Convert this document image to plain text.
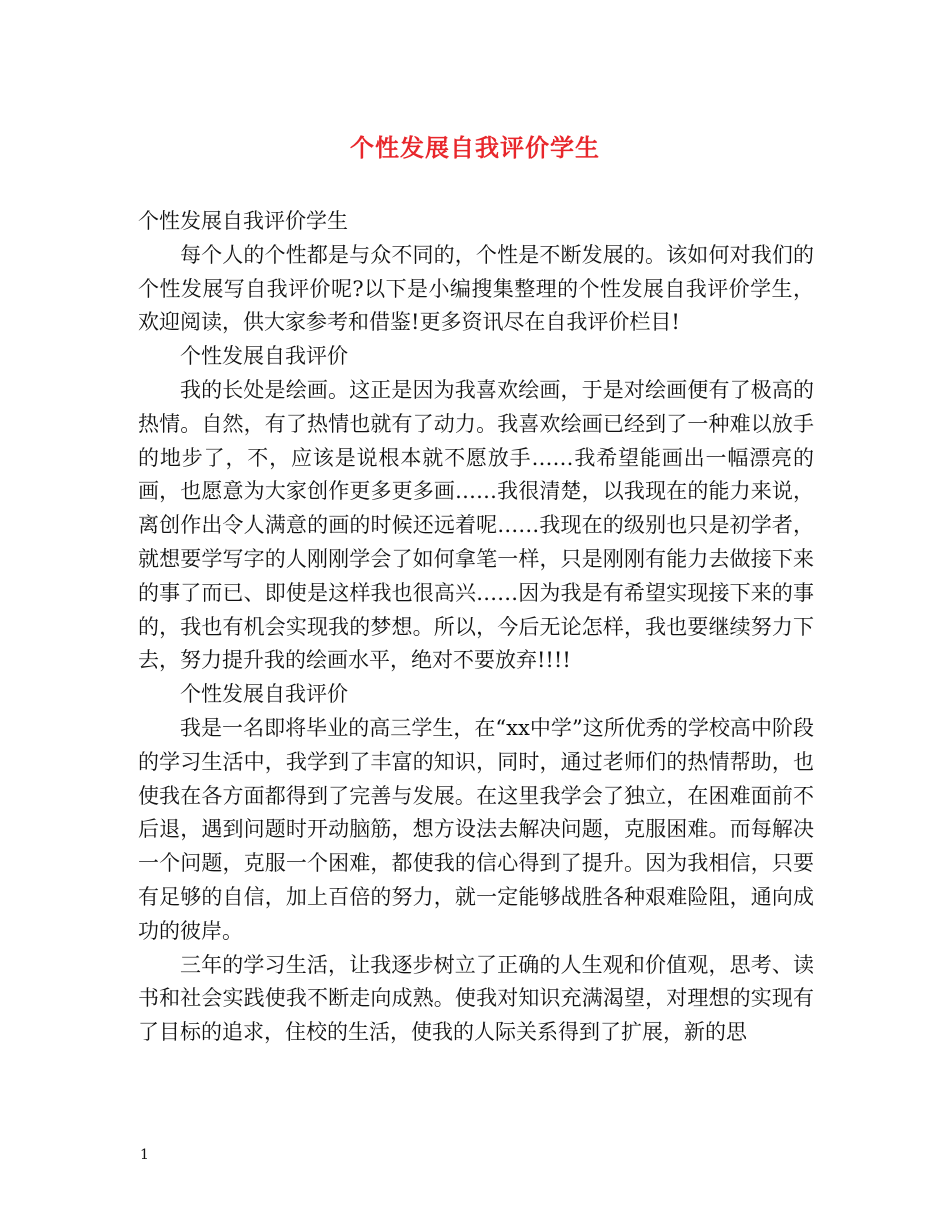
个性发展自我评价学生

个性发展自我评价学生

每个人的个性都是与众不同的，个性是不断发展的。该如何对我们的个性发展写自我评价呢?以下是小编搜集整理的个性发展自我评价学生，欢迎阅读，供大家参考和借鉴!更多资讯尽在自我评价栏目!

个性发展自我评价

我的长处是绘画。这正是因为我喜欢绘画，于是对绘画便有了极高的热情。自然，有了热情也就有了动力。我喜欢绘画已经到了一种难以放手的地步了，不，应该是说根本就不愿放手……我希望能画出一幅漂亮的画，也愿意为大家创作更多更多画……我很清楚，以我现在的能力来说，离创作出令人满意的画的时候还远着呢……我现在的级别也只是初学者，就想要学写字的人刚刚学会了如何拿笔一样，只是刚刚有能力去做接下来的事了而已、即使是这样我也很高兴……因为我是有希望实现接下来的事的，我也有机会实现我的梦想。所以，今后无论怎样，我也要继续努力下去，努力提升我的绘画水平，绝对不要放弃!!!!

个性发展自我评价

我是一名即将毕业的高三学生，在“xx中学”这所优秀的学校高中阶段的学习生活中，我学到了丰富的知识，同时，通过老师们的热情帮助，也使我在各方面都得到了完善与发展。在这里我学会了独立，在困难面前不后退，遇到问题时开动脑筋，想方设法去解决问题，克服困难。而每解决一个问题，克服一个困难，都使我的信心得到了提升。因为我相信，只要有足够的自信，加上百倍的努力，就一定能够战胜各种艰难险阻，通向成功的彼岸。

三年的学习生活，让我逐步树立了正确的人生观和价值观，思考、读书和社会实践使我不断走向成熟。使我对知识充满渴望，对理想的实现有了目标的追求，住校的生活，使我的人际关系得到了扩展，新的思

1
